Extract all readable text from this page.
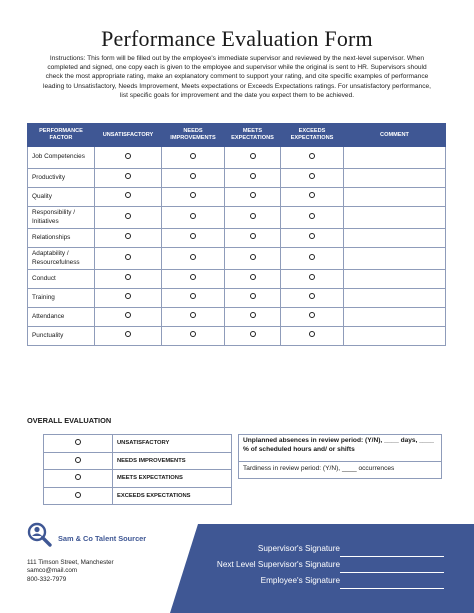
Performance Evaluation Form
Instructions: This form will be filled out by the employee's immediate supervisor and reviewed by the next-level supervisor. When completed and signed, one copy each is given to the employee and supervisor while the original is sent to HR. Supervisors should check the most appropriate rating, make an explanatory comment to support your rating, and cite specific examples of performance leading to Unsatisfactory, Needs Improvement, Meets expectations or Exceeds Expectations ratings. For unsatisfactory performance, list specific goals for improvement and the date you expect them to be achieved.
PERFORMANCE FACTOR	UNSATISFACTORY	NEEDS IMPROVEMENTS	MEETS EXPECTATIONS	EXCEEDS EXPECTATIONS	COMMENT
Job Competencies					
Productivity					
Quality					
Responsibility / Initiatives					
Relationships					
Adaptability / Resourcefulness					
Conduct					
Training					
Attendance					
Punctuality					
OVERALL EVALUATION
	UNSATISFACTORY
	NEEDS IMPROVEMENTS
	MEETS EXPECTATIONS
	EXCEEDS EXPECTATIONS
Unplanned absences in review period: (Y/N), ____ days, ____ % of scheduled hours and/ or shifts
Tardiness in review period: (Y/N), ____ occurrences
Sam & Co Talent Sourcer
111 Timson Street, Manchester
samco@mail.com
800-332-7979
Supervisor's Signature
Next Level Supervisor's Signature
Employee's Signature
